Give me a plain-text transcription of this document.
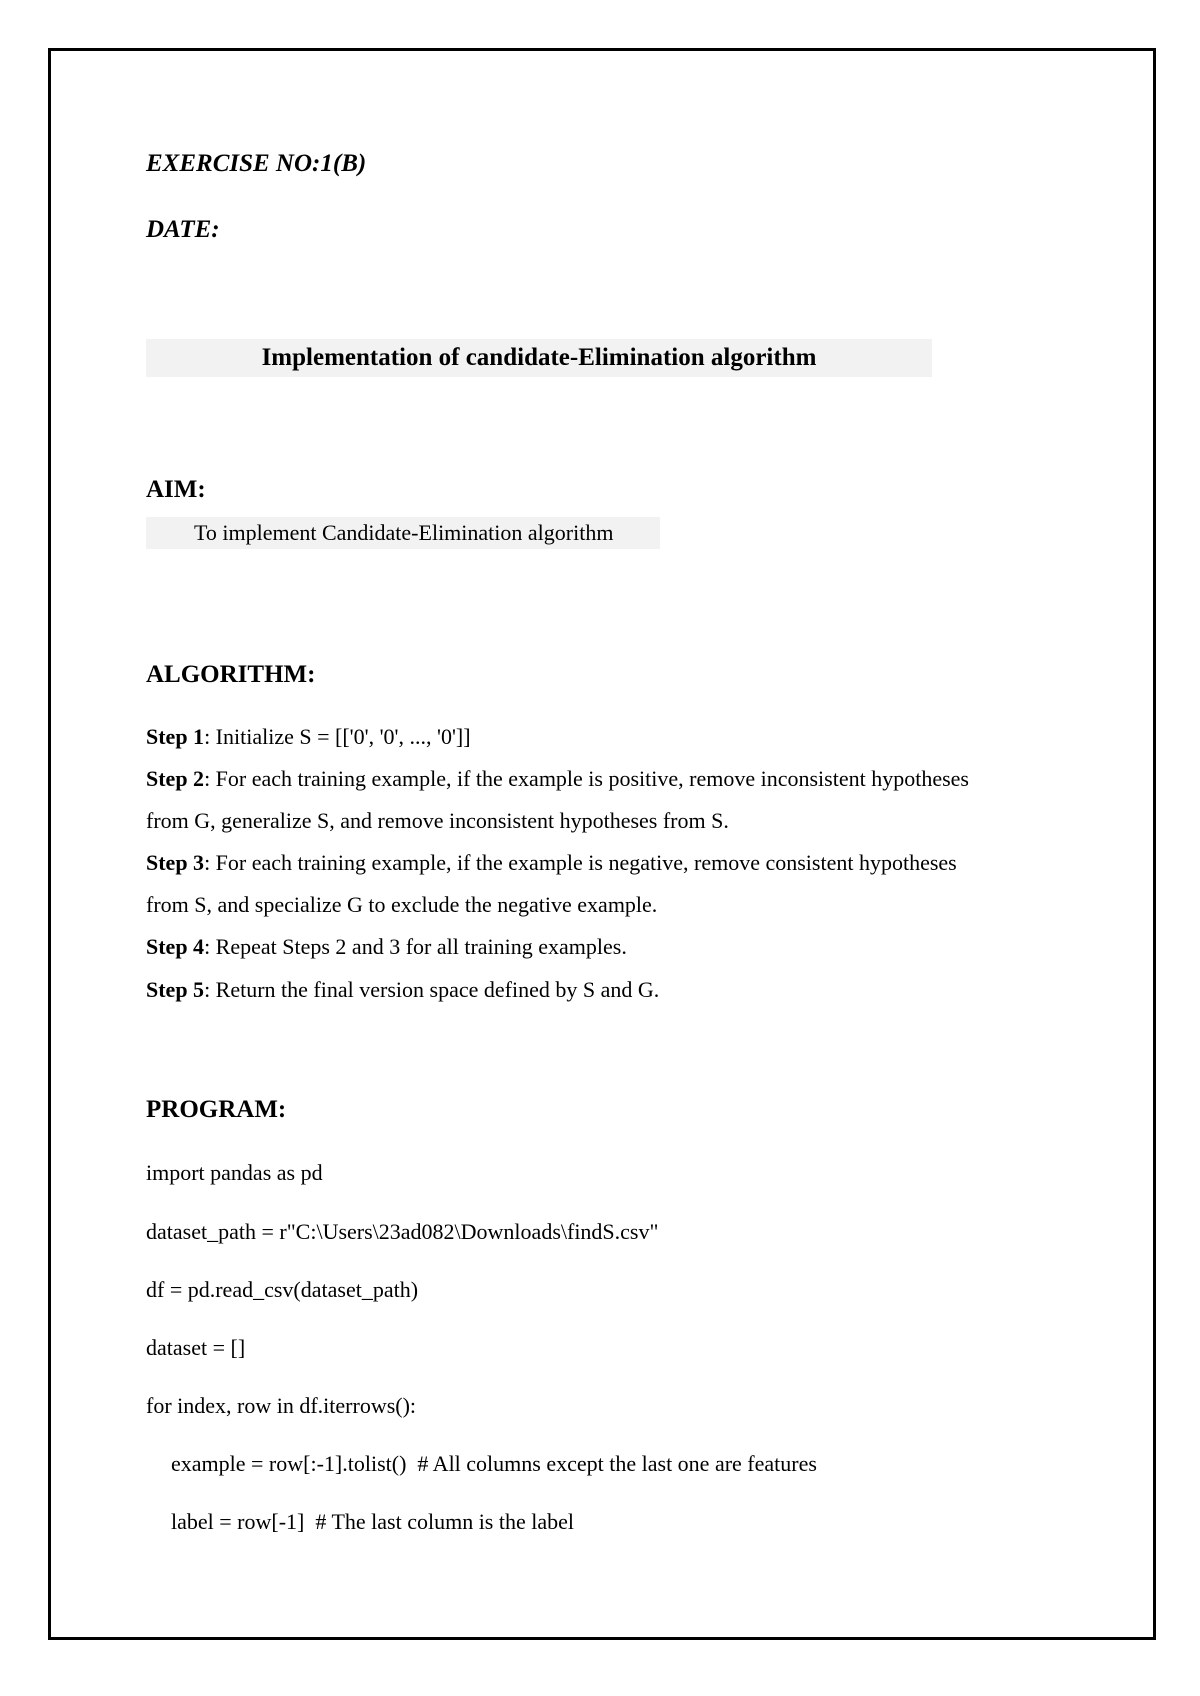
EXERCISE NO:1(B)
DATE:
Implementation of candidate-Elimination algorithm
AIM:
To implement Candidate-Elimination algorithm
ALGORITHM:
Step 1: Initialize S = [['0', '0', ..., '0']]
Step 2: For each training example, if the example is positive, remove inconsistent hypotheses
from G, generalize S, and remove inconsistent hypotheses from S.
Step 3: For each training example, if the example is negative, remove consistent hypotheses
from S, and specialize G to exclude the negative example.
Step 4: Repeat Steps 2 and 3 for all training examples.
Step 5: Return the final version space defined by S and G.
PROGRAM:
import pandas as pd
dataset_path = r"C:\Users\23ad082\Downloads\findS.csv"
df = pd.read_csv(dataset_path)
dataset = []
for index, row in df.iterrows():
example = row[:-1].tolist()  # All columns except the last one are features
label = row[-1]  # The last column is the label
